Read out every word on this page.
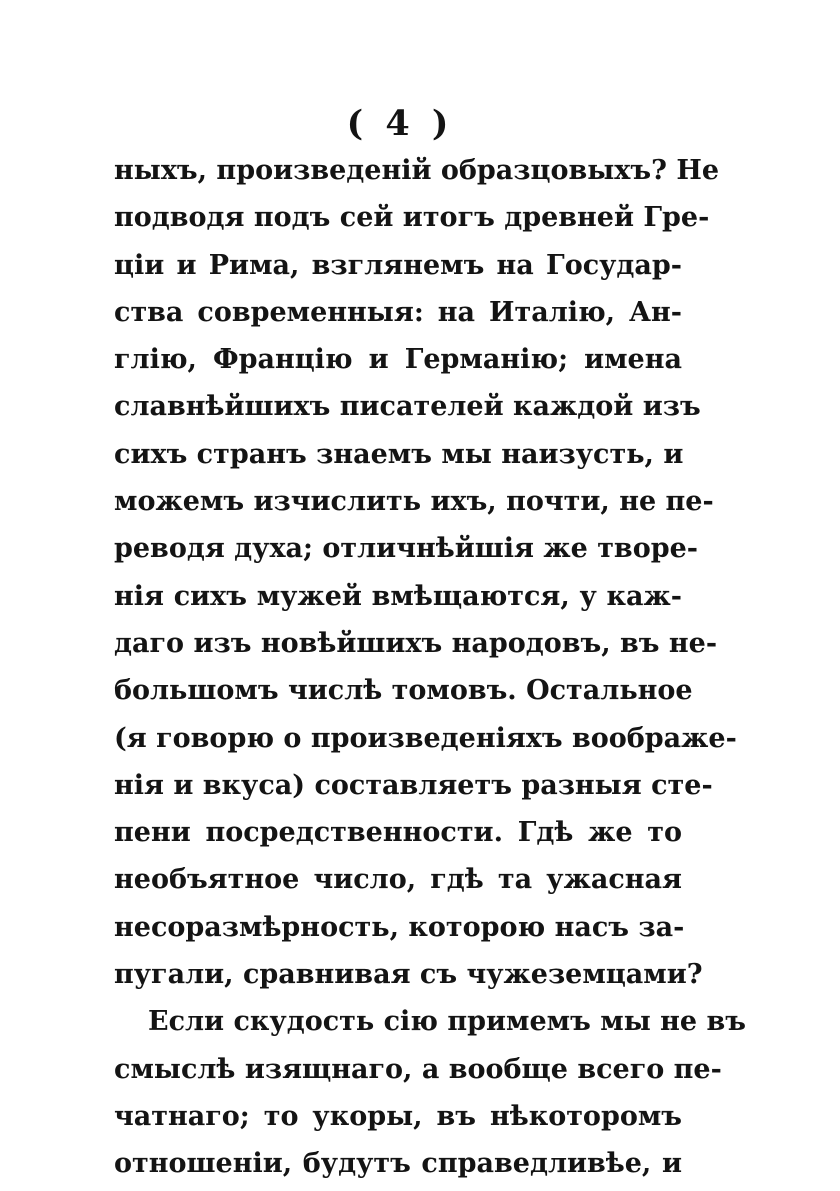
( 4 )
ныхъ, произведеній образцовыхъ? Не
подводя подъ сей итогъ древней Гре-
ціи и Рима, взглянемъ на Государ-
ства современныя: на Италію, Ан-
глію, Францію и Германію; имена
славнѣйшихъ писателей каждой изъ
сихъ странъ знаемъ мы наизусть, и
можемъ изчислить ихъ, почти, не пе-
реводя духа; отличнѣйшія же творе-
нія сихъ мужей вмѣщаются, у каж-
даго изъ новѣйшихъ народовъ, въ не-
большомъ числѣ томовъ. Остальное
(я говорю о произведеніяхъ воображе-
нія и вкуса) составляетъ разныя сте-
пени посредственности. Гдѣ же то
необъятное число, гдѣ та ужасная
несоразмѣрность, которою насъ за-
пугали, сравнивая съ чужеземцами?
Если скудость сію примемъ мы не въ
смыслѣ изящнаго, а вообще всего пе-
чатнаго; то укоры, въ нѣкоторомъ
отношеніи, будутъ справедливѣе, и
